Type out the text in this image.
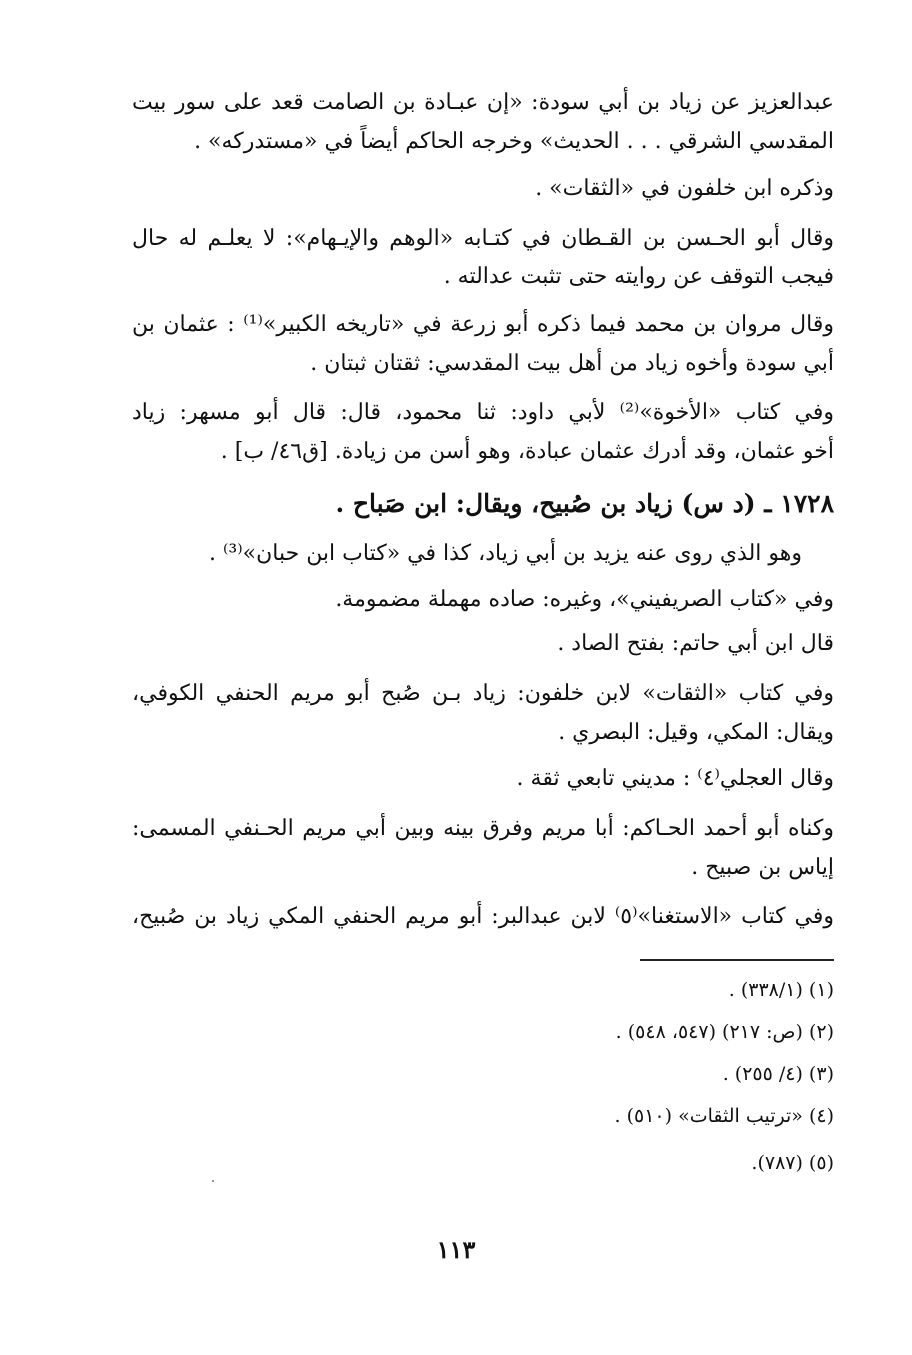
عبدالعزيز عن زياد بن أبي سودة: «إن عبـادة بن الصامت قعد على سور بيت
المقدسي الشرقي . . . الحديث» وخرجه الحاكم أيضاً في «مستدركه» .
وذكره ابن خلفون في «الثقات» .
وقال أبو الحـسن بن القـطان في كتـابه «الوهم والإيـهام»: لا يعلـم له حال
فيجب التوقف عن روايته حتى تثبت عدالته .
وقال مروان بن محمد فيما ذكره أبو زرعة في «تاريخه الكبير»⁽¹⁾ : عثمان بن
أبي سودة وأخوه زياد من أهل بيت المقدسي: ثقتان ثبتان .
وفي كتاب «الأخوة»⁽²⁾ لأبي داود: ثنا محمود، قال: قال أبو مسهر: زياد
أخو عثمان، وقد أدرك عثمان عبادة، وهو أسن من زيادة. [ق٤٦/ ب] .
١٧٢٨ ـ (د س) زياد بن صُبيح، ويقال: ابن صَباح .
وهو الذي روى عنه يزيد بن أبي زياد، كذا في «كتاب ابن حبان»⁽³⁾ .
وفي «كتاب الصريفيني»، وغيره: صاده مهملة مضمومة.
قال ابن أبي حاتم: بفتح الصاد .
وفي كتاب «الثقات» لابن خلفون: زياد بـن صُبح أبو مريم الحنفي الكوفي،
ويقال: المكي، وقيل: البصري .
وقال العجلي⁽٤⁾ : مديني تابعي ثقة .
وكناه أبو أحمد الحـاكم: أبا مريم وفرق بينه وبين أبي مريم الحـنفي المسمى:
إياس بن صبيح .
وفي كتاب «الاستغنا»⁽٥⁾ لابن عبدالبر: أبو مريم الحنفي المكي زياد بن صُبيح،
(١) (٣٣٨/١) .
(٢) (ص: ٢١٧) (٥٤٧، ٥٤٨) .
(٣) (٤/ ٢٥٥) .
(٤) «ترتيب الثقات» (٥١٠) .
(٥) (٧٨٧).
١١٣
